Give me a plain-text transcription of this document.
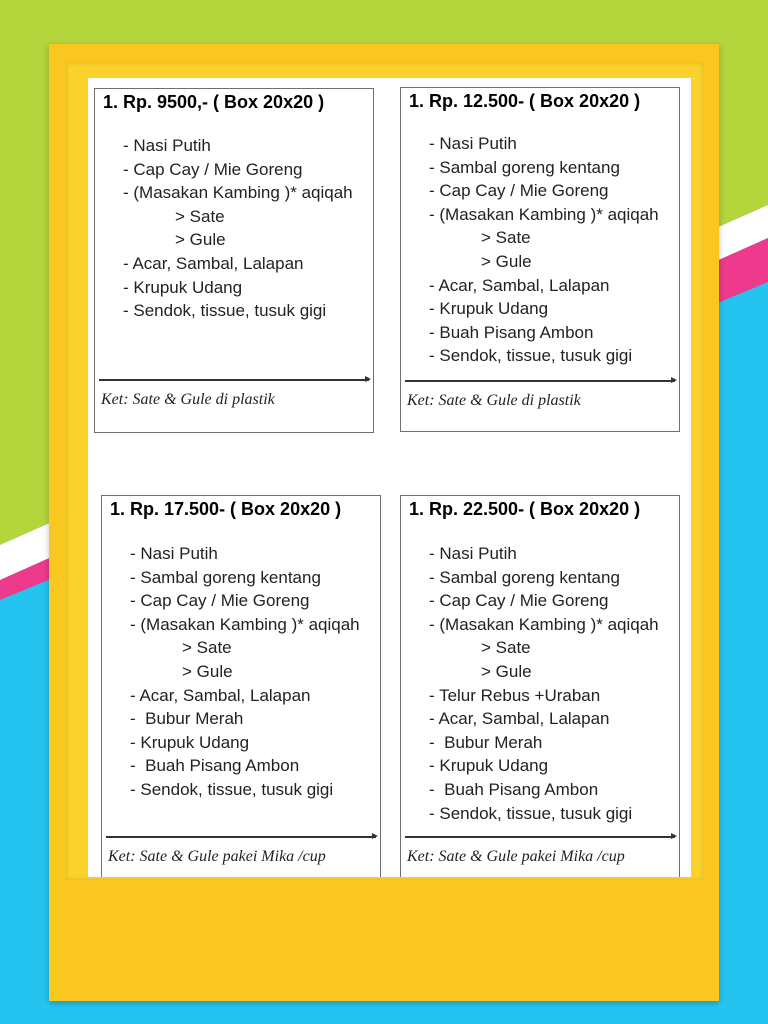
1. Rp. 9500,- ( Box 20x20 )
- Nasi Putih
- Cap Cay / Mie Goreng
- (Masakan Kambing )* aqiqah
> Sate
> Gule
- Acar, Sambal, Lalapan
- Krupuk Udang
- Sendok, tissue, tusuk gigi
Ket: Sate & Gule di plastik
1. Rp. 12.500- ( Box 20x20 )
- Nasi Putih
- Sambal goreng kentang
- Cap Cay / Mie Goreng
- (Masakan Kambing )* aqiqah
> Sate
> Gule
- Acar, Sambal, Lalapan
- Krupuk Udang
- Buah Pisang Ambon
- Sendok, tissue, tusuk gigi
Ket: Sate & Gule di plastik
1. Rp. 17.500- ( Box 20x20 )
- Nasi Putih
- Sambal goreng kentang
- Cap Cay / Mie Goreng
- (Masakan Kambing )* aqiqah
> Sate
> Gule
- Acar, Sambal, Lalapan
-  Bubur Merah
- Krupuk Udang
-  Buah Pisang Ambon
- Sendok, tissue, tusuk gigi
Ket: Sate & Gule pakei Mika /cup
1. Rp. 22.500- ( Box 20x20 )
- Nasi Putih
- Sambal goreng kentang
- Cap Cay / Mie Goreng
- (Masakan Kambing )* aqiqah
> Sate
> Gule
- Telur Rebus +Uraban
- Acar, Sambal, Lalapan
-  Bubur Merah
- Krupuk Udang
-  Buah Pisang Ambon
- Sendok, tissue, tusuk gigi
Ket: Sate & Gule pakei Mika /cup
